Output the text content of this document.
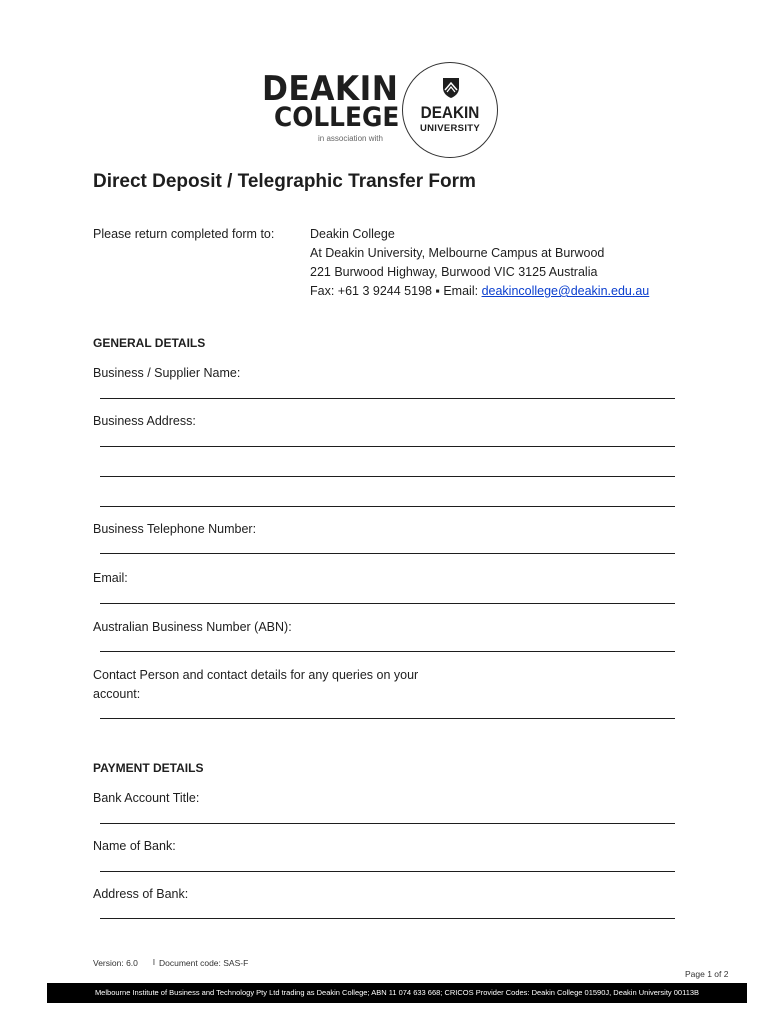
DEAKIN
COLLEGE
in association with
DEAKIN
UNIVERSITY
Direct Deposit / Telegraphic Transfer Form
Please return completed form to:	Deakin College
At Deakin University, Melbourne Campus at Burwood
221 Burwood Highway, Burwood VIC 3125 Australia
Fax: +61 3 9244 5198 ▪ Email: deakincollege@deakin.edu.au
GENERAL DETAILS
Business / Supplier Name:
Business Address:
Business Telephone Number:
Email:
Australian Business Number (ABN):
Contact Person and contact details for any queries on your
account:
PAYMENT DETAILS
Bank Account Title:
Name of Bank:
Address of Bank:
Version: 6.0 l Document code: SAS-F
Page 1 of 2
Melbourne Institute of Business and Technology Pty Ltd trading as Deakin College; ABN 11 074 633 668; CRICOS Provider Codes: Deakin College 01590J, Deakin University 00113B
